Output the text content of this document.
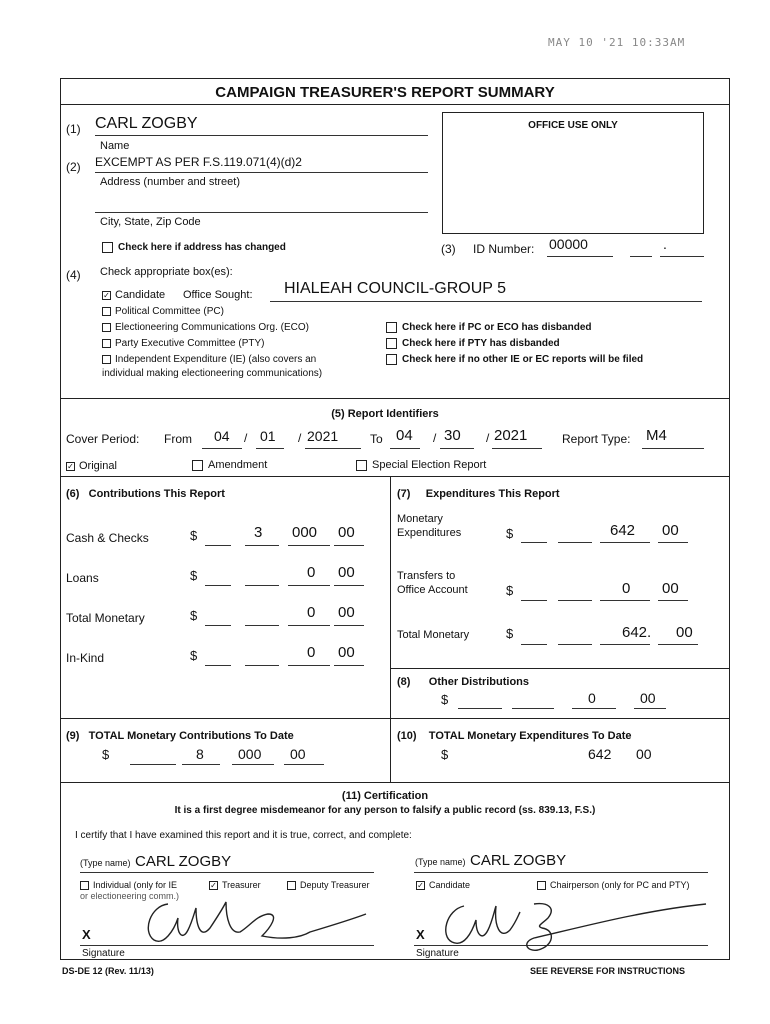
MAY 10 '21 10:33AM
CAMPAIGN TREASURER'S REPORT SUMMARY
OFFICE USE ONLY
(1) CARL ZOGBY
Name
(2) EXCEMPT AS PER F.S.119.071(4)(d)2
Address (number and street)
City, State, Zip Code
Check here if address has changed	(3) ID Number: 00000	.
(4) Check appropriate box(es):
✓ Candidate Office Sought: HIALEAH COUNCIL-GROUP 5
Political Committee (PC)
Electioneering Communications Org. (ECO)
Party Executive Committee (PTY)
Independent Expenditure (IE) (also covers an
individual making electioneering communications)
Check here if PC or ECO has disbanded
Check here if PTY has disbanded
Check here if no other IE or EC reports will be filed
(5) Report Identifiers
Cover Period: From 04 / 01 / 2021	To 04 / 30 / 2021	Report Type: M4
✓ Original	Amendment	Special Election Report
(6) Contributions This Report
Cash & Checks	$	3 000 00
Loans	$	0 00
Total Monetary	$	0 00
In-Kind	$	0 00
(7) Expenditures This Report
Monetary
Expenditures	$	642 00
Transfers to
Office Account	$	0 00
Total Monetary	$	642. 00
(8) Other Distributions
$	0	00
(9) TOTAL Monetary Contributions To Date
$	8 000 00
(10) TOTAL Monetary Expenditures To Date
$	642 00
(11) Certification
It is a first degree misdemeanor for any person to falsify a public record (ss. 839.13, F.S.)
I certify that I have examined this report and it is true, correct, and complete:
(Type name) CARL ZOGBY	(Type name) CARL ZOGBY
Individual (only for IE
or electioneering comm.)
✓ Treasurer	Deputy Treasurer	✓ Candidate	Chairperson (only for PC and PTY)
X
Signature
X
Signature
DS-DE 12 (Rev. 11/13)	SEE REVERSE FOR INSTRUCTIONS
